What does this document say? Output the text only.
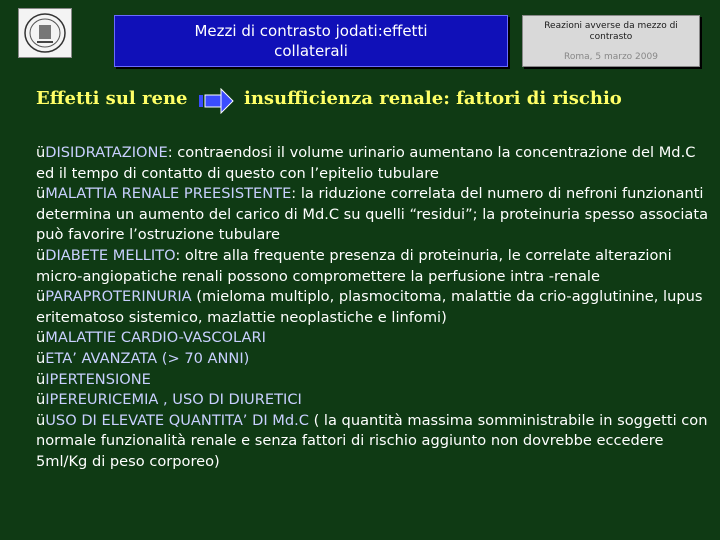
Mezzi di contrasto jodati:effetti
collaterali
Reazioni avverse da mezzo di contrasto
Roma, 5 marzo 2009
Effetti sul rene	insufficienza renale: fattori di rischio

üDISIDRATAZIONE: contraendosi il volume urinario aumentano la concentrazione del Md.C ed il tempo di contatto di questo con l’epitelio tubulare

üMALATTIA RENALE PREESISTENTE: la riduzione correlata del numero di nefroni funzionanti determina un aumento del carico di Md.C su quelli “residui”; la proteinuria spesso associata può favorire l’ostruzione tubulare

üDIABETE MELLITO: oltre alla frequente presenza di proteinuria, le correlate alterazioni micro-angiopatiche renali possono compromettere la perfusione intra -renale

üPARAPROTERINURIA (mieloma multiplo, plasmocitoma, malattie da crio-agglutinine, lupus eritematoso sistemico, mazlattie neoplastiche e linfomi)

üMALATTIE CARDIO-VASCOLARI

üETA’ AVANZATA (> 70 ANNI)

üIPERTENSIONE

üIPEREURICEMIA , USO DI DIURETICI

üUSO DI ELEVATE QUANTITA’ DI Md.C ( la quantità massima somministrabile in soggetti con normale funzionalità renale e senza fattori di rischio aggiunto non dovrebbe eccedere 5ml/Kg di peso corporeo)
